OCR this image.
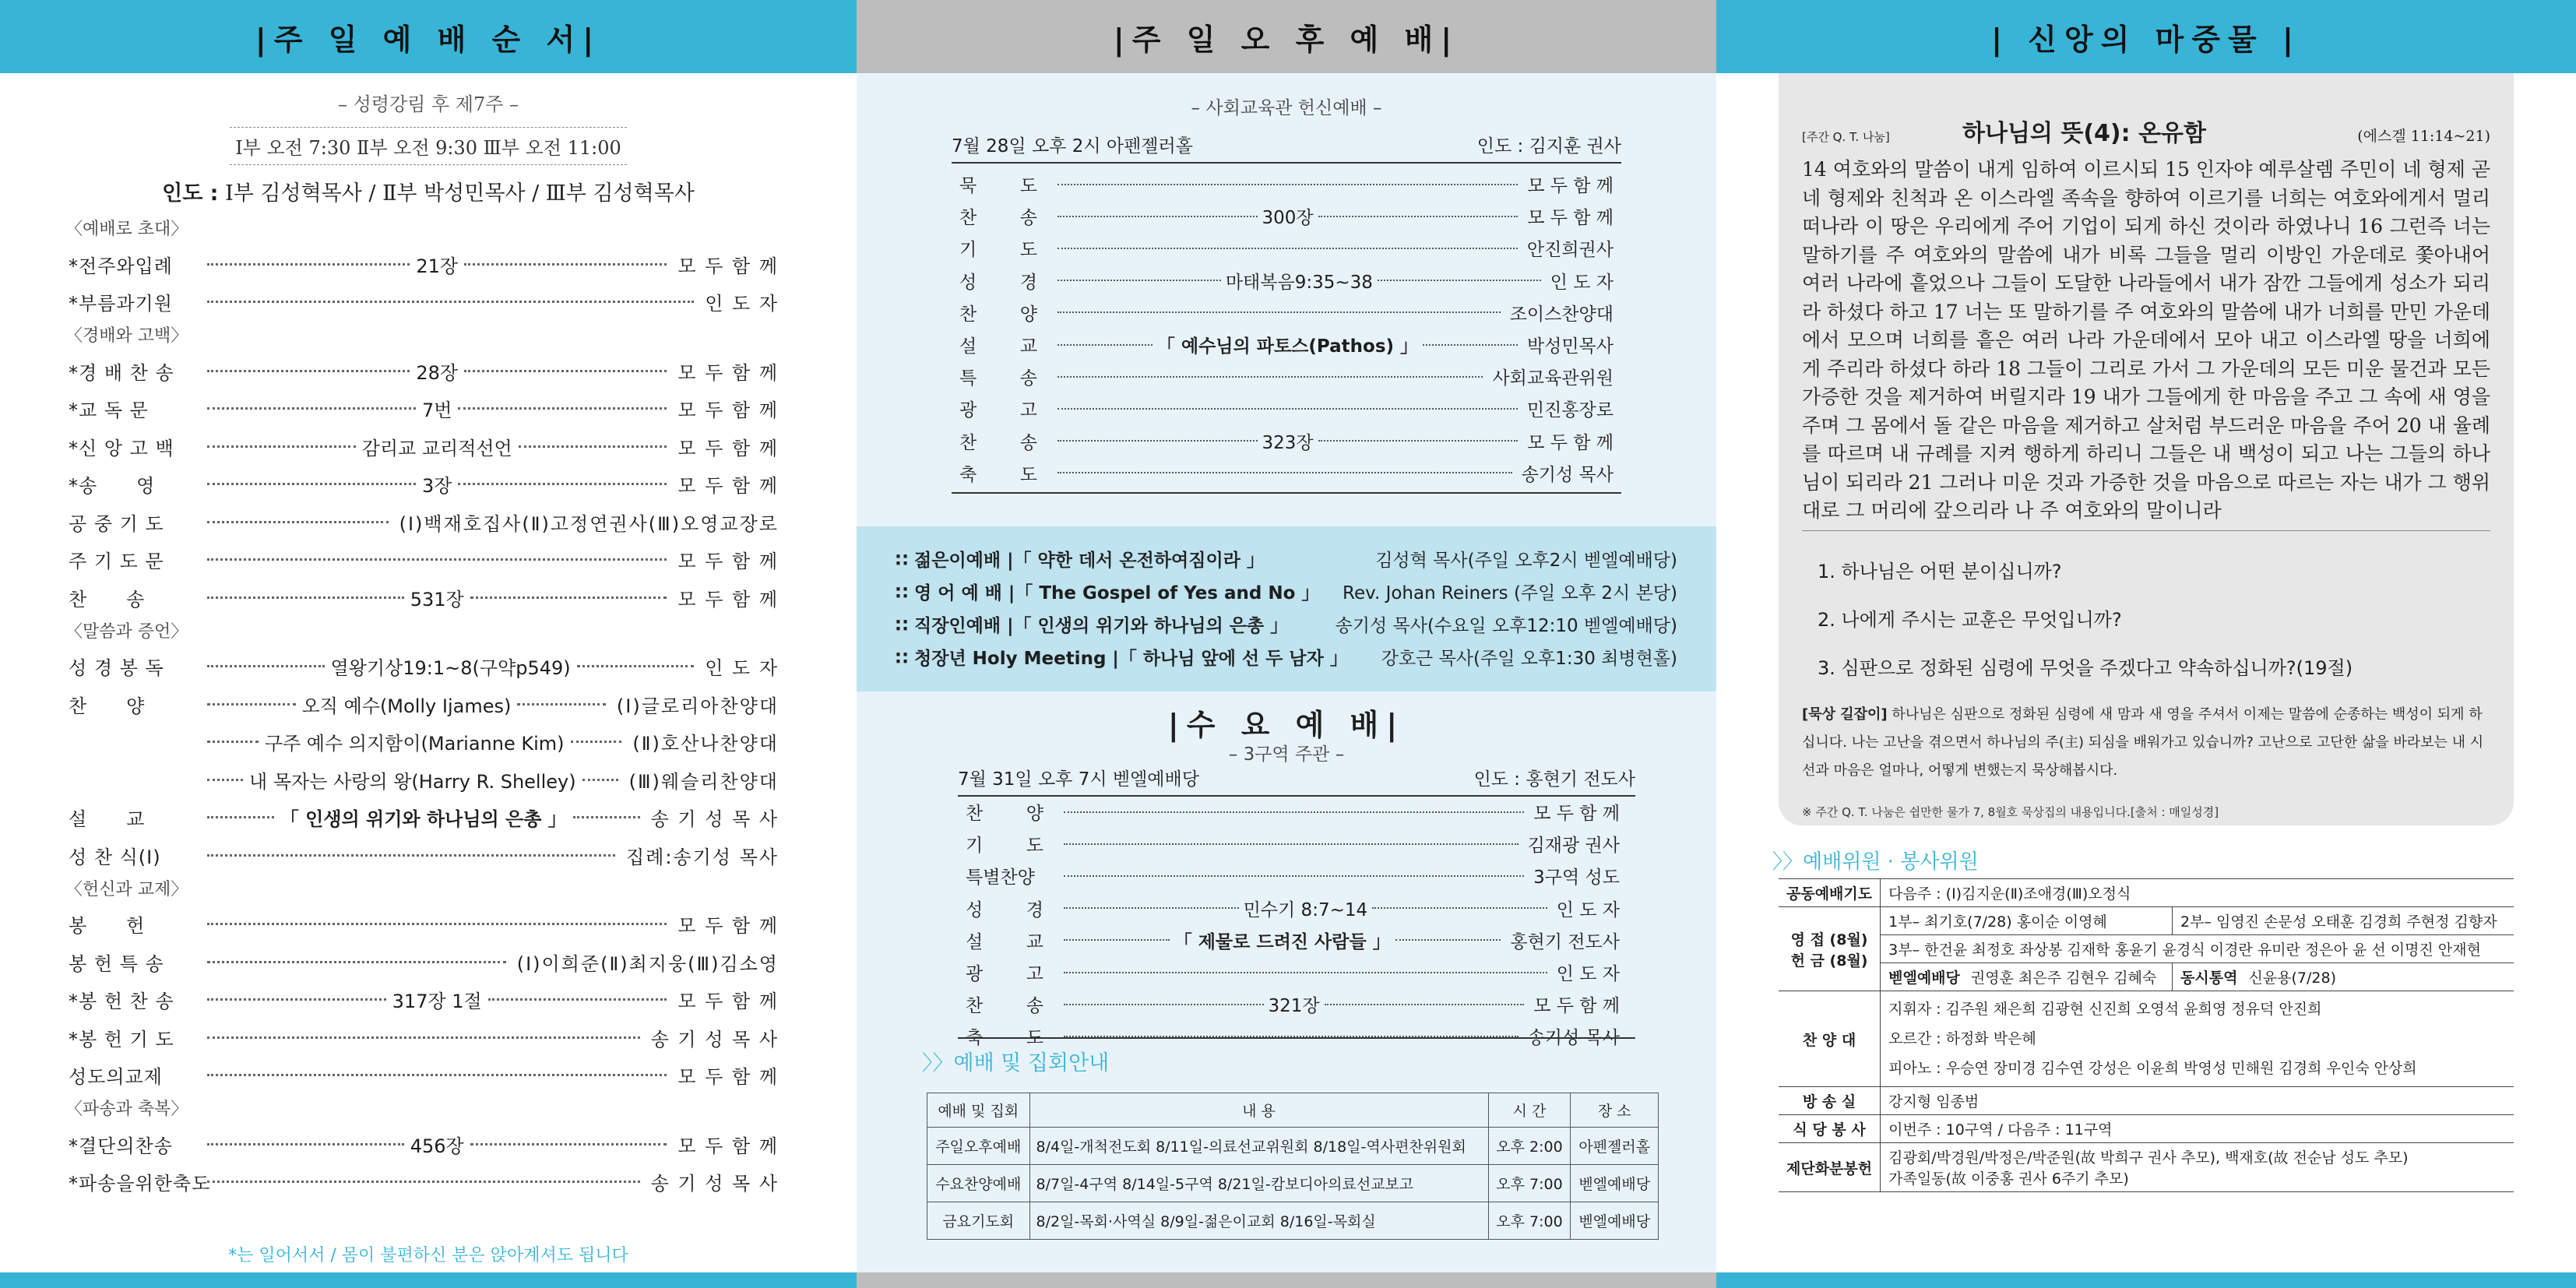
|주 일 예 배 순 서|
– 성령강림 후 제7주 –
Ⅰ부 오전 7:30 Ⅱ부 오전 9:30 Ⅲ부 오전 11:00
인도 : Ⅰ부 김성혁목사 / Ⅱ부 박성민목사 / Ⅲ부 김성혁목사
〈예배로 초대〉
*전주와입례	21장	모 두 함 께
*부름과기원	인 도 자
〈경배와 고백〉
*경 배 찬 송	28장	모 두 함 께
*교 독 문	7번	모 두 함 께
*신 앙 고 백	감리교 교리적선언	모 두 함 께
*송　　영	3장	모 두 함 께
공 중 기 도	(Ⅰ)백재호집사(Ⅱ)고정연권사(Ⅲ)오영교장로
주 기 도 문	모 두 함 께
찬　　송	531장	모 두 함 께
〈말씀과 증언〉
성 경 봉 독	열왕기상19:1~8(구약p549)	인 도 자
찬　　양	오직 예수(Molly Ijames)	(Ⅰ)글로리아찬양대
구주 예수 의지함이(Marianne Kim)	(Ⅱ)호산나찬양대
내 목자는 사랑의 왕(Harry R. Shelley)	(Ⅲ)웨슬리찬양대
설　　교	「 인생의 위기와 하나님의 은총 」	송 기 성 목 사
성 찬 식(Ⅰ)	집례:송기성 목사
〈헌신과 교제〉
봉　　헌	모 두 함 께
봉 헌 특 송	(Ⅰ)이희준(Ⅱ)최지웅(Ⅲ)김소영
*봉 헌 찬 송	317장 1절	모 두 함 께
*봉 헌 기 도	송 기 성 목 사
성도의교제	모 두 함 께
〈파송과 축복〉
*결단의찬송	456장	모 두 함 께
*파송을위한축도	송 기 성 목 사
*는 일어서서 / 몸이 불편하신 분은 앉아계셔도 됩니다
|주 일 오 후 예 배|
– 사회교육관 헌신예배 –
7월 28일 오후 2시 아펜젤러홀	인도 : 김지훈 권사
묵 도	모 두 함 께
찬 송	300장	모 두 함 께
기 도	안진희권사
성 경	마태복음9:35~38	인 도 자
찬 양	조이스찬양대
설 교	「 예수님의 파토스(Pathos) 」	박성민목사
특 송	사회교육관위원
광 고	민진홍장로
찬 송	323장	모 두 함 께
축 도	송기성 목사
∷ 젊은이예배 |「 약한 데서 온전하여짐이라 」	김성혁 목사(주일 오후2시 벧엘예배당)
∷ 영 어 예 배 |「 The Gospel of Yes and No 」 Rev. Johan Reiners (주일 오후 2시 본당)
∷ 직장인예배 |「 인생의 위기와 하나님의 은총 」	송기성 목사(수요일 오후12:10 벧엘예배당)
∷ 청장년 Holy Meeting |「 하나님 앞에 선 두 남자 」 강호근 목사(주일 오후1:30 최병현홀)
|수 요 예 배|
– 3구역 주관 –
7월 31일 오후 7시 벧엘예배당	인도 : 홍현기 전도사
찬 양	모 두 함 께
기 도	김재광 권사
특별찬양	3구역 성도
성 경	민수기 8:7~14	인 도 자
설 교	「 제물로 드려진 사람들 」	홍현기 전도사
광 고	인 도 자
찬 송	321장	모 두 함 께
축 도	송기성 목사
〉〉예배 및 집회안내
예배 및 집회	내 용	시 간	장 소
주일오후예배	8/4일-개척전도회 8/11일-의료선교위원회 8/18일-역사편찬위원회	오후 2:00	아펜젤러홀
수요찬양예배	8/7일-4구역 8/14일-5구역 8/21일-캄보디아의료선교보고	오후 7:00	벧엘예배당
금요기도회	8/2일-목회·사역실 8/9일-젊은이교회 8/16일-목회실	오후 7:00	벧엘예배당
| 신앙의 마중물 |
[주간 Q. T. 나눔]	하나님의 뜻(4): 온유함	(에스겔 11:14~21)
14 여호와의 말씀이 내게 임하여 이르시되 15 인자야 예루살렘 주민이 네 형제 곧 네 형제와 친척과 온 이스라엘 족속을 향하여 이르기를 너희는 여호와에게서 멀리 떠나라 이 땅은 우리에게 주어 기업이 되게 하신 것이라 하였나니 16 그런즉 너는 말하기를 주 여호와의 말씀에 내가 비록 그들을 멀리 이방인 가운데로 쫓아내어 여러 나라에 흩었으나 그들이 도달한 나라들에서 내가 잠깐 그들에게 성소가 되리라 하셨다 하고 17 너는 또 말하기를 주 여호와의 말씀에 내가 너희를 만민 가운데에서 모으며 너희를 흩은 여러 나라 가운데에서 모아 내고 이스라엘 땅을 너희에게 주리라 하셨다 하라 18 그들이 그리로 가서 그 가운데의 모든 미운 물건과 모든 가증한 것을 제거하여 버릴지라 19 내가 그들에게 한 마음을 주고 그 속에 새 영을 주며 그 몸에서 돌 같은 마음을 제거하고 살처럼 부드러운 마음을 주어 20 내 율례를 따르며 내 규례를 지켜 행하게 하리니 그들은 내 백성이 되고 나는 그들의 하나님이 되리라 21 그러나 미운 것과 가증한 것을 마음으로 따르는 자는 내가 그 행위대로 그 머리에 갚으리라 나 주 여호와의 말이니라
1. 하나님은 어떤 분이십니까?
2. 나에게 주시는 교훈은 무엇입니까?
3. 심판으로 정화된 심령에 무엇을 주겠다고 약속하십니까?(19절)
[묵상 길잡이] 하나님은 심판으로 정화된 심령에 새 맘과 새 영을 주셔서 이제는 말씀에 순종하는 백성이 되게 하십니다. 나는 고난을 겪으면서 하나님의 주(主) 되심을 배워가고 있습니까? 고난으로 고단한 삶을 바라보는 내 시선과 마음은 얼마나, 어떻게 변했는지 묵상해봅시다.
※ 주간 Q. T. 나눔은 쉽만한 물가 7, 8월호 묵상집의 내용입니다.[출처 : 매일성경]
〉〉예배위원 · 봉사위원
공동예배기도	다음주 : (Ⅰ)김지운(Ⅱ)조애경(Ⅲ)오정식	

영 접 (8월)
헌 금 (8월)	1부– 최기호(7/28) 홍이순 이영혜	2부– 임영진 손문성 오태훈 김경희 주현정 김향자
	3부– 한건윤 최정호 좌상봉 김재학 홍윤기 윤경식 이경란 유미란 정은아 윤 선 이명진 안재현	

	벧엘예배당 권영훈 최은주 김현우 김혜숙	동시통역 신윤용(7/28)

찬 양 대	지휘자 : 김주원 채은희 김광현 신진희 오영석 윤희영 정유덕 안진희
오르간 : 하정화 박은혜
피아노 : 우승연 장미경 김수연 강성은 이윤희 박영성 민해원 김경희 우인숙 안상희	

방 송 실	강지형 임종범	
식 당 봉 사	이번주 : 10구역 / 다음주 : 11구역	
제단화분봉헌	김광회/박경원/박정은/박준원(故 박희구 권사 추모), 백재호(故 전순남 성도 추모)
가족일동(故 이중홍 권사 6주기 추모)	
